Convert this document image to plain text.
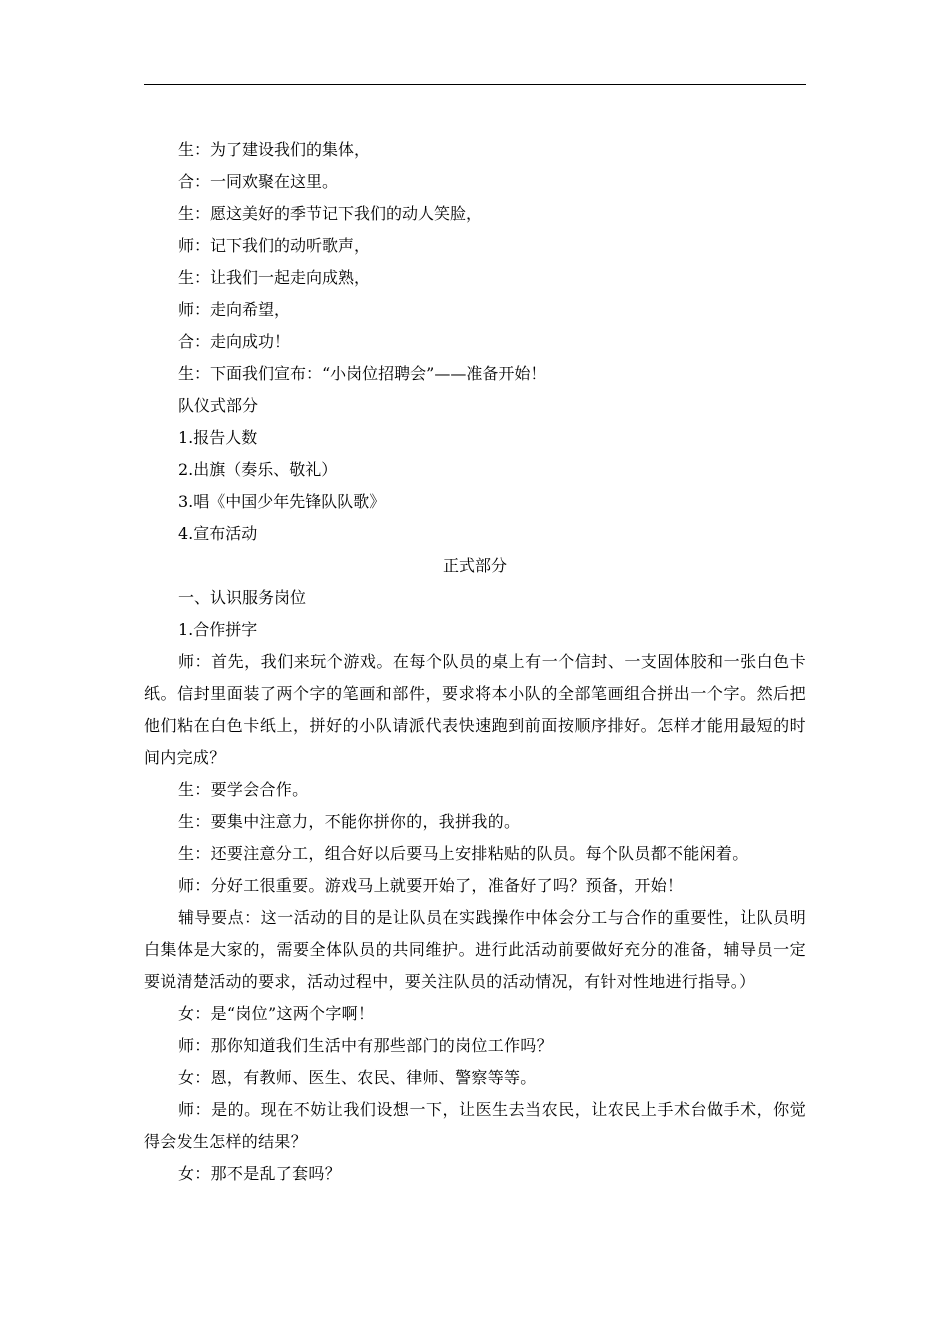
生：为了建设我们的集体，

合：一同欢聚在这里。

生：愿这美好的季节记下我们的动人笑脸，

师：记下我们的动听歌声，

生：让我们一起走向成熟，

师：走向希望，

合：走向成功！

生：下面我们宣布：“小岗位招聘会”——准备开始！

队仪式部分

1.报告人数

2.出旗（奏乐、敬礼）

3.唱《中国少年先锋队队歌》

4.宣布活动

正式部分

一、认识服务岗位

1.合作拼字

师：首先，我们来玩个游戏。在每个队员的桌上有一个信封、一支固体胶和一张白色卡纸。信封里面装了两个字的笔画和部件，要求将本小队的全部笔画组合拼出一个字。然后把他们粘在白色卡纸上，拼好的小队请派代表快速跑到前面按顺序排好。怎样才能用最短的时间内完成？

生：要学会合作。

生：要集中注意力，不能你拼你的，我拼我的。

生：还要注意分工，组合好以后要马上安排粘贴的队员。每个队员都不能闲着。

师：分好工很重要。游戏马上就要开始了，准备好了吗？预备，开始！

辅导要点：这一活动的目的是让队员在实践操作中体会分工与合作的重要性，让队员明白集体是大家的，需要全体队员的共同维护。进行此活动前要做好充分的准备，辅导员一定要说清楚活动的要求，活动过程中，要关注队员的活动情况，有针对性地进行指导。）

女：是“岗位”这两个字啊！

师：那你知道我们生活中有那些部门的岗位工作吗？

女：恩，有教师、医生、农民、律师、警察等等。

师：是的。现在不妨让我们设想一下，让医生去当农民，让农民上手术台做手术，你觉得会发生怎样的结果？

女：那不是乱了套吗？
